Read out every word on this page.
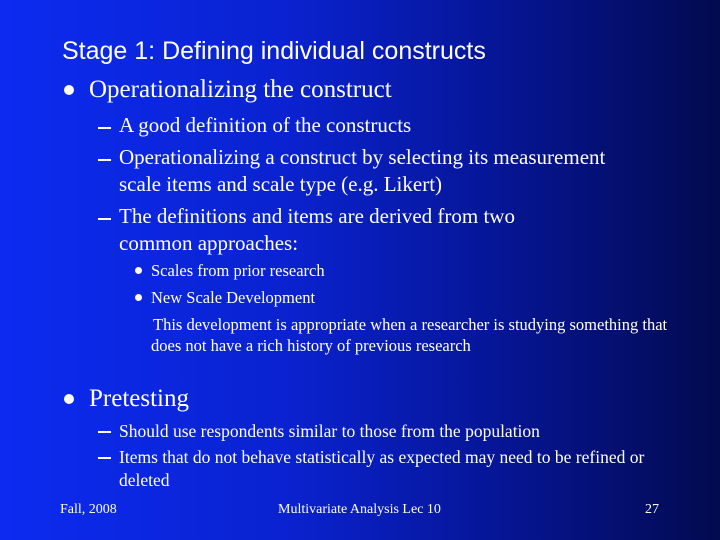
Stage 1: Defining individual constructs
Operationalizing the construct
A good definition of the constructs
Operationalizing a construct by selecting its measurement scale items and scale type (e.g. Likert)
The definitions and items are derived from two common approaches:
Scales from prior research
New Scale Development
This development is appropriate when a researcher is studying something that does not have a rich history of previous research
Pretesting
Should use respondents similar to those from the population
Items that do not behave statistically as expected may need to be refined or deleted
Fall, 2008	Multivariate Analysis Lec 10	27
